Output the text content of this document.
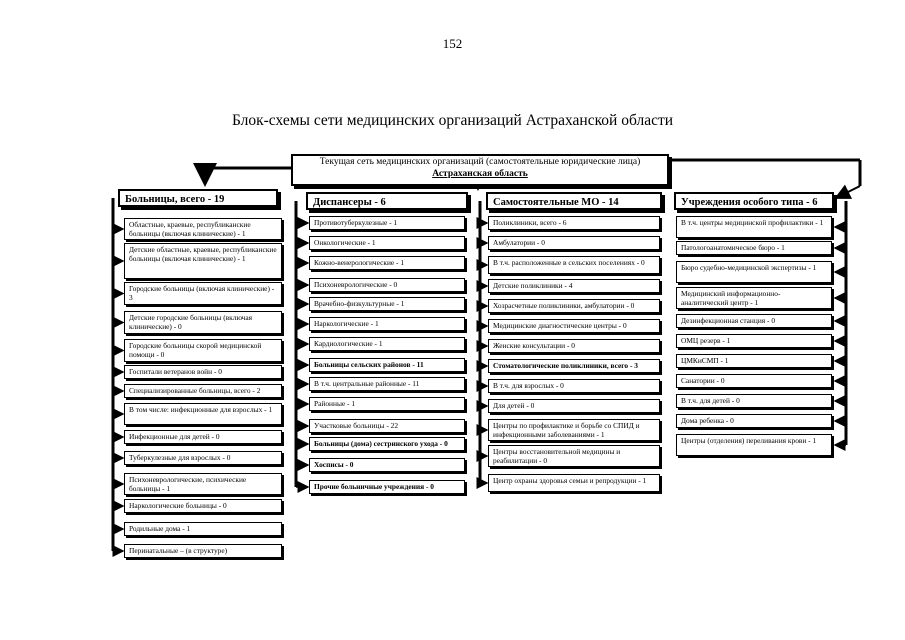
152
Блок-схемы сети медицинских организаций Астраханской области
Текущая сеть медицинских организаций (самостоятельные юридические лица)
Астраханская область
Больницы, всего - 19
Областные, краевые, республиканские больницы (включая клинические) - 1
Детские областные, краевые, республиканские больницы (включая клинические) - 1
Городские больницы (включая клинические) - 3
Детские городские больницы (включая клинические) - 0
Городские больницы скорой медицинской помощи - 0
Госпитали ветеранов войн - 0
Специализированные больницы, всего - 2
В том числе: инфекционные для взрослых - 1
Инфекционные для детей - 0
Туберкулезные для взрослых - 0
Психоневрологические, психические больницы - 1
Наркологические больницы - 0
Родильные дома - 1
Перинатальные – (в структуре)
Диспансеры - 6
Противотуберкулезные - 1
Онкологические - 1
Кожно-венерологические - 1
Психоневрологические - 0
Врачебно-физкультурные - 1
Наркологические - 1
Кардиологические - 1
Больницы сельских районов - 11
В т.ч. центральные районные - 11
Районные - 1
Участковые больницы - 22
Больницы (дома) сестринского ухода - 0
Хосписы - 0
Прочие больничные учреждения - 0
Самостоятельные МО - 14
Поликлиники, всего - 6
Амбулатории - 0
В т.ч. расположенные в сельских поселениях - 0
Детские поликлиники - 4
Хозрасчетные поликлиники, амбулатории - 0
Медицинские диагностические центры - 0
Женские консультации - 0
Стоматологические поликлиники, всего - 3
В т.ч. для взрослых - 0
Для детей - 0
Центры по профилактике и борьбе со СПИД и инфекционными заболеваниями - 1
Центры восстановительной медицины и реабилитации - 0
Центр охраны здоровья семьи и репродукции - 1
Учреждения особого типа - 6
В т.ч. центры медицинской профилактики - 1
Патологоанатомическое бюро - 1
Бюро судебно-медицинской экспертизы - 1
Медицинский информационно-аналитический центр - 1
Дезинфекционная станция - 0
ОМЦ резерв - 1
ЦМКиСМП - 1
Санатории - 0
В т.ч. для детей - 0
Дома ребенка - 0
Центры (отделения) переливания крови - 1
